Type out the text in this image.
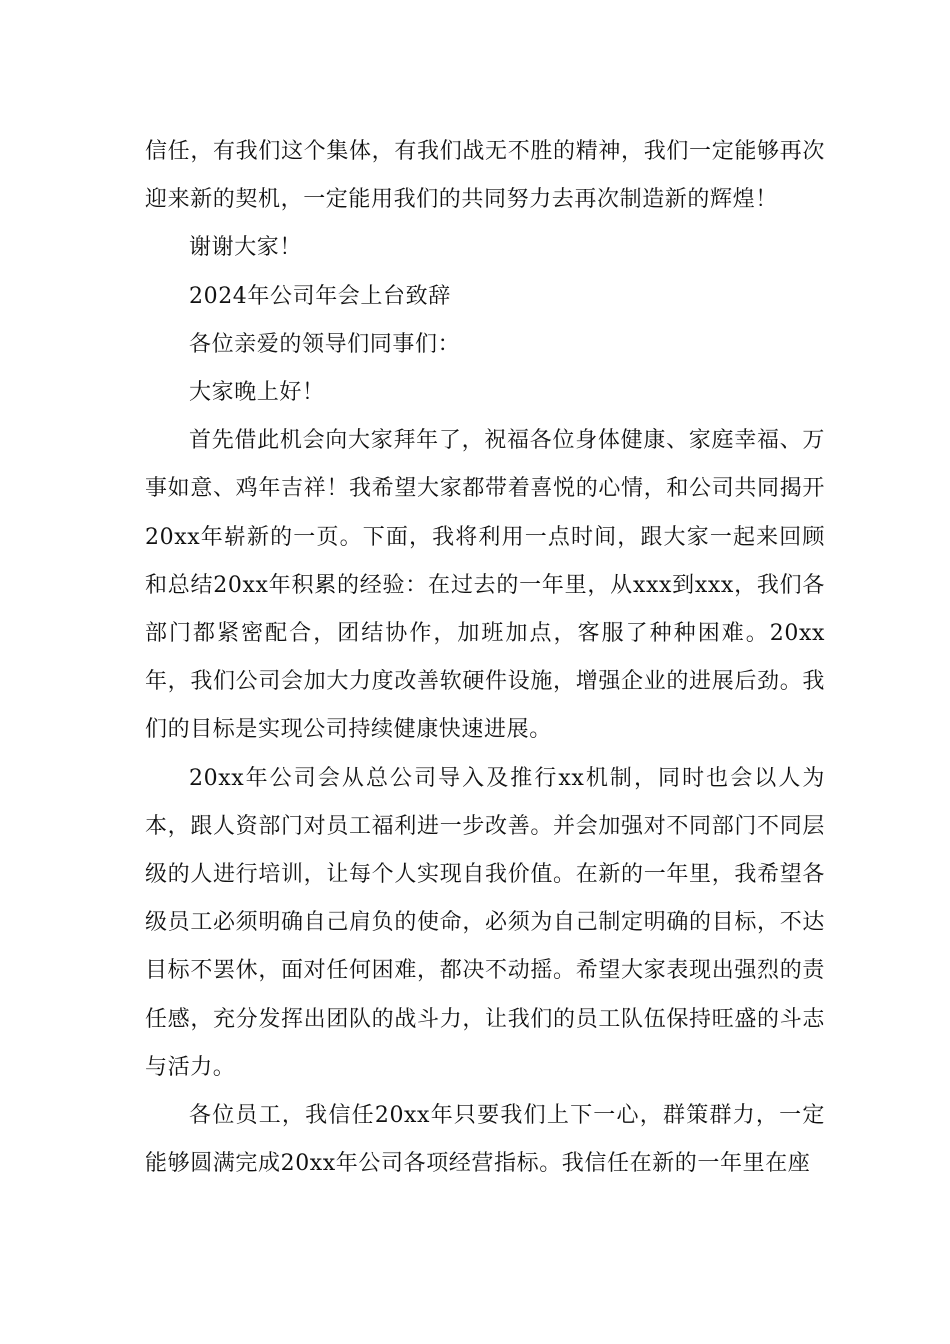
信任，有我们这个集体，有我们战无不胜的精神，我们一定能够再次迎来新的契机，一定能用我们的共同努力去再次制造新的辉煌！

谢谢大家！

2024年公司年会上台致辞

各位亲爱的领导们同事们：

大家晚上好！

首先借此机会向大家拜年了，祝福各位身体健康、家庭幸福、万事如意、鸡年吉祥！我希望大家都带着喜悦的心情，和公司共同揭开20xx年崭新的一页。下面，我将利用一点时间，跟大家一起来回顾和总结20xx年积累的经验：在过去的一年里，从xxx到xxx，我们各部门都紧密配合，团结协作，加班加点，客服了种种困难。20xx年，我们公司会加大力度改善软硬件设施，增强企业的进展后劲。我们的目标是实现公司持续健康快速进展。

20xx年公司会从总公司导入及推行xx机制，同时也会以人为本，跟人资部门对员工福利进一步改善。并会加强对不同部门不同层级的人进行培训，让每个人实现自我价值。在新的一年里，我希望各级员工必须明确自己肩负的使命，必须为自己制定明确的目标，不达目标不罢休，面对任何困难，都决不动摇。希望大家表现出强烈的责任感，充分发挥出团队的战斗力，让我们的员工队伍保持旺盛的斗志与活力。

各位员工，我信任20xx年只要我们上下一心，群策群力，一定能够圆满完成20xx年公司各项经营指标。我信任在新的一年里在座
